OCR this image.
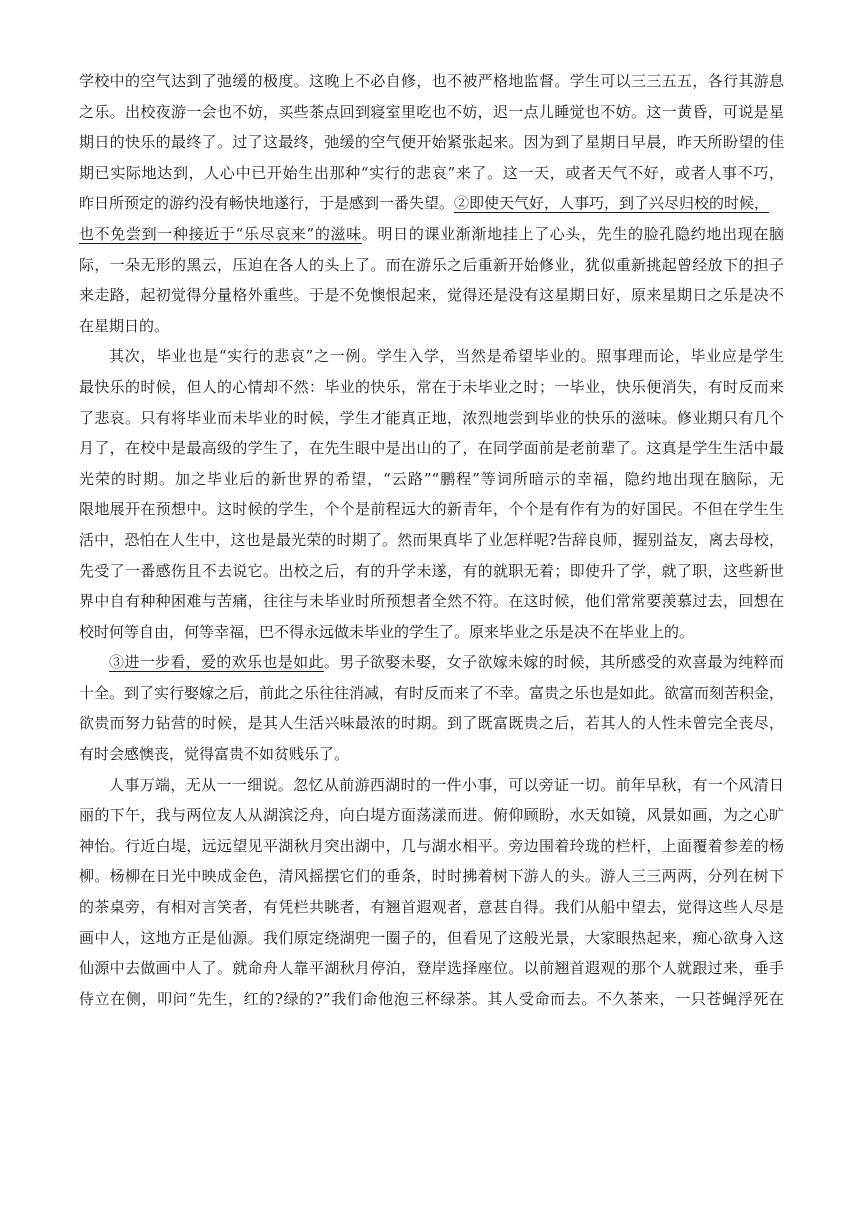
学校中的空气达到了弛缓的极度。这晚上不必自修，也不被严格地监督。学生可以三三五五，各行其游息
之乐。出校夜游一会也不妨，买些茶点回到寝室里吃也不妨，迟一点儿睡觉也不妨。这一黄昏，可说是星
期日的快乐的最终了。过了这最终，弛缓的空气便开始紧张起来。因为到了星期日早晨，昨天所盼望的佳
期已实际地达到，人心中已开始生出那种“实行的悲哀”来了。这一天，或者天气不好，或者人事不巧，
昨日所预定的游约没有畅快地遂行，于是感到一番失望。②即使天气好，人事巧，到了兴尽归校的时候，
也不免尝到一种接近于“乐尽哀来”的滋味。明日的课业渐渐地挂上了心头，先生的脸孔隐约地出现在脑
际，一朵无形的黑云，压迫在各人的头上了。而在游乐之后重新开始修业，犹似重新挑起曾经放下的担子
来走路，起初觉得分量格外重些。于是不免懊恨起来，觉得还是没有这星期日好，原来星期日之乐是决不
在星期日的。
其次，毕业也是“实行的悲哀”之一例。学生入学，当然是希望毕业的。照事理而论，毕业应是学生
最快乐的时候，但人的心情却不然：毕业的快乐，常在于未毕业之时；一毕业，快乐便消失，有时反而来
了悲哀。只有将毕业而未毕业的时候，学生才能真正地，浓烈地尝到毕业的快乐的滋味。修业期只有几个
月了，在校中是最高级的学生了，在先生眼中是出山的了，在同学面前是老前辈了。这真是学生生活中最
光荣的时期。加之毕业后的新世界的希望，“云路”“鹏程”等词所暗示的幸福，隐约地出现在脑际，无
限地展开在预想中。这时候的学生，个个是前程远大的新青年，个个是有作有为的好国民。不但在学生生
活中，恐怕在人生中，这也是最光荣的时期了。然而果真毕了业怎样呢?告辞良师，握别益友，离去母校，
先受了一番感伤且不去说它。出校之后，有的升学未遂，有的就职无着；即使升了学，就了职，这些新世
界中自有种种困难与苦痛，往往与未毕业时所预想者全然不符。在这时候，他们常常要羡慕过去，回想在
校时何等自由，何等幸福，巴不得永远做未毕业的学生了。原来毕业之乐是决不在毕业上的。
③进一步看，爱的欢乐也是如此。男子欲娶未娶，女子欲嫁未嫁的时候，其所感受的欢喜最为纯粹而
十全。到了实行娶嫁之后，前此之乐往往消减，有时反而来了不幸。富贵之乐也是如此。欲富而刻苦积金，
欲贵而努力钻营的时候，是其人生活兴味最浓的时期。到了既富既贵之后，若其人的人性未曾完全丧尽，
有时会感懊丧，觉得富贵不如贫贱乐了。
人事万端，无从一一细说。忽忆从前游西湖时的一件小事，可以旁证一切。前年早秋，有一个风清日
丽的下午，我与两位友人从湖滨泛舟，向白堤方面荡漾而进。俯仰顾盼，水天如镜，风景如画，为之心旷
神怡。行近白堤，远远望见平湖秋月突出湖中，几与湖水相平。旁边围着玲珑的栏杆，上面覆着参差的杨
柳。杨柳在日光中映成金色，清风摇摆它们的垂条，时时拂着树下游人的头。游人三三两两，分列在树下
的茶桌旁，有相对言笑者，有凭栏共眺者，有翘首遐观者，意甚自得。我们从船中望去，觉得这些人尽是
画中人，这地方正是仙源。我们原定绕湖兜一圈子的，但看见了这般光景，大家眼热起来，痴心欲身入这
仙源中去做画中人了。就命舟人靠平湖秋月停泊，登岸选择座位。以前翘首遐观的那个人就跟过来，垂手
侍立在侧，叩问“先生，红的?绿的?”我们命他泡三杯绿茶。其人受命而去。不久茶来，一只苍蝇浮死在
